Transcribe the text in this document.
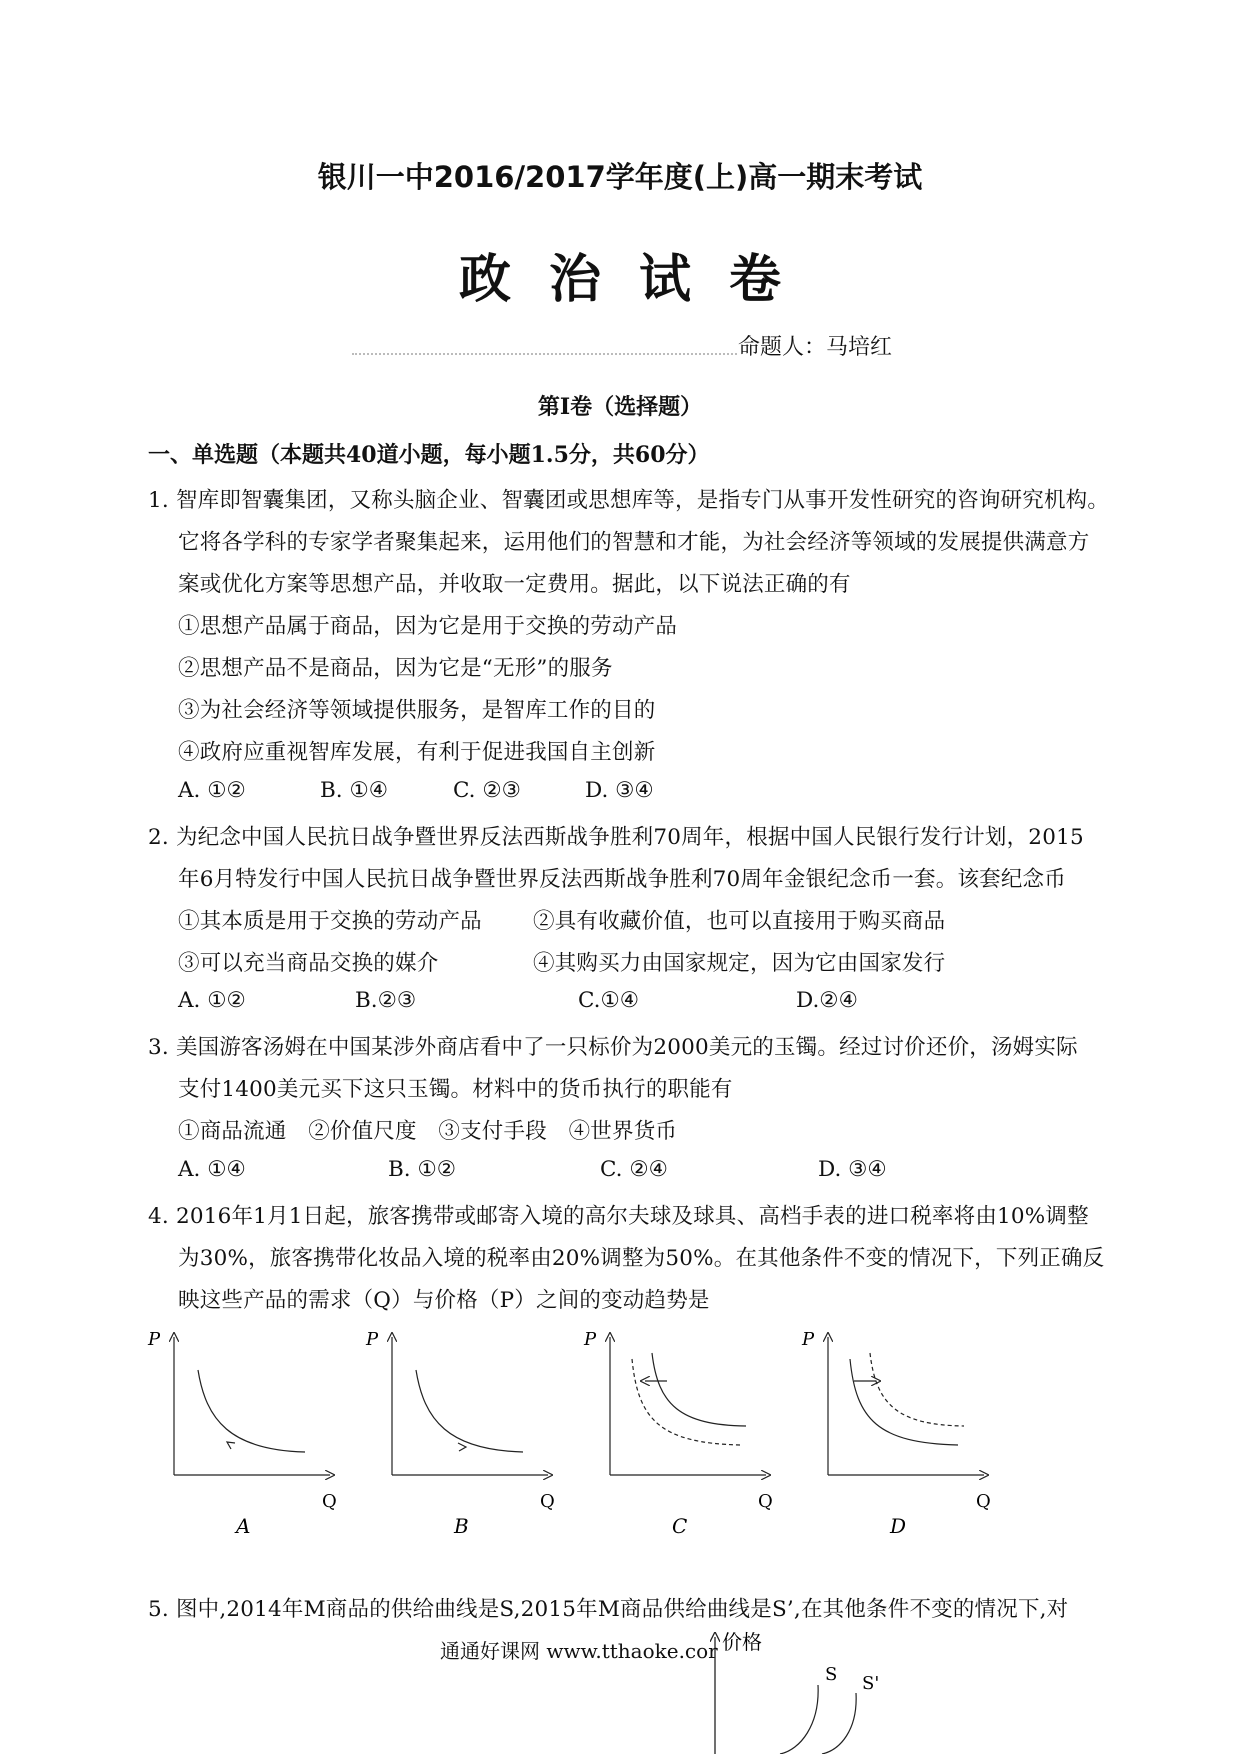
银川一中2016/2017学年度(上)高一期末考试
政治试卷
命题人：马培红
第Ⅰ卷（选择题）
一、单选题（本题共40道小题，每小题1.5分，共60分）
1. 智库即智囊集团，又称头脑企业、智囊团或思想库等，是指专门从事开发性研究的咨询研究机构。
它将各学科的专家学者聚集起来，运用他们的智慧和才能，为社会经济等领域的发展提供满意方
案或优化方案等思想产品，并收取一定费用。据此，以下说法正确的有
①思想产品属于商品，因为它是用于交换的劳动产品
②思想产品不是商品，因为它是“无形”的服务
③为社会经济等领域提供服务，是智库工作的目的
④政府应重视智库发展，有利于促进我国自主创新
A. ①②	B. ①④	C. ②③	D. ③④
2. 为纪念中国人民抗日战争暨世界反法西斯战争胜利70周年，根据中国人民银行发行计划，2015
年6月特发行中国人民抗日战争暨世界反法西斯战争胜利70周年金银纪念币一套。该套纪念币
①其本质是用于交换的劳动产品 ②具有收藏价值，也可以直接用于购买商品
③可以充当商品交换的媒介	④其购买力由国家规定，因为它由国家发行
A. ①②	B.②③	C.①④	D.②④
3. 美国游客汤姆在中国某涉外商店看中了一只标价为2000美元的玉镯。经过讨价还价，汤姆实际
支付1400美元买下这只玉镯。材料中的货币执行的职能有
①商品流通　②价值尺度　③支付手段　④世界货币
A. ①④	B. ①②	C. ②④	D. ③④
4. 2016年1月1日起，旅客携带或邮寄入境的高尔夫球及球具、高档手表的进口税率将由10%调整
为30%，旅客携带化妆品入境的税率由20%调整为50%。在其他条件不变的情况下，下列正确反
映这些产品的需求（Q）与价格（P）之间的变动趋势是
P
Q
A
P
Q
B
P
Q
C
P
Q
D
5. 图中,2014年M商品的供给曲线是S,2015年M商品供给曲线是S’,在其他条件不变的情况下,对
价格
S S'
通通好课网 www.tthaoke.cor
